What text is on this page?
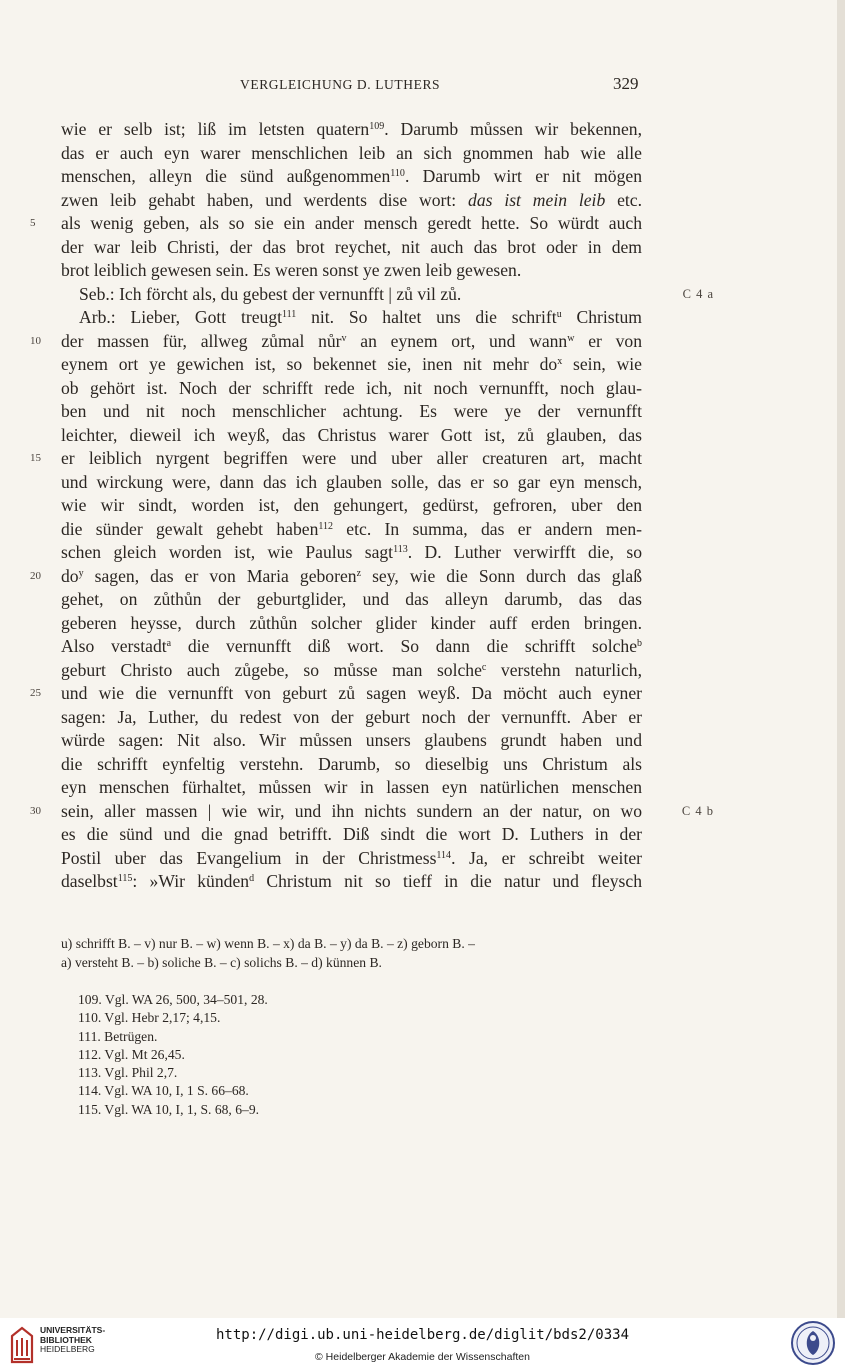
VERGLEICHUNG D. LUTHERS	329
wie er selb ist; liß im letsten quatern$^{109}$. Darumb můssen wir bekennen,
das er auch eyn warer menschlichen leib an sich gnommen hab wie alle
menschen, alleyn die sünd außgenommen$^{110}$. Darumb wirt er nit mögen
zwen leib gehabt haben, und werdents dise wort: das ist mein leib etc.
5 als wenig geben, als so sie ein ander mensch geredt hette. So würdt auch
der war leib Christi, der das brot reychet, nit auch das brot oder in dem
brot leiblich gewesen sein. Es weren sonst ye zwen leib gewesen.
Seb.: Ich förcht als, du gebest der vernunfft | zů vil zů.	C 4 a
Arb.: Lieber, Gott treugt$^{111}$ nit. So haltet uns die schrift$^u$ Christum
10 der massen für, allweg zůmal nůr$^v$ an eynem ort, und wann$^w$ er von
eynem ort ye gewichen ist, so bekennet sie, inen nit mehr $do^x$ sein, wie
ob gehört ist. Noch der schrifft rede ich, nit noch vernunfft, noch glau-
ben und nit noch menschlicher achtung. Es were ye der vernunfft
leichter, dieweil ich weyß, das Christus warer Gott ist, zů glauben, das
15 er leiblich nyrgent begriffen were und uber aller creaturen art, macht
und wirckung were, dann das ich glauben solle, das er so gar eyn mensch,
wie wir sindt, worden ist, den gehungert, gedürst, gefroren, uber den
die sünder gewalt gehebt haben$^{112}$ etc. In summa, das er andern men-
schen gleich worden ist, wie Paulus sagt$^{113}$. D. Luther verwirfft die, so
20 $do^y$ sagen, das er von Maria geboren$^z$ sey, wie die Sonn durch das glaß
gehet, on zůthůn der geburtglider, und das alleyn darumb, das das
geberen heysse, durch zůthůn solcher glider kinder auff erden bringen.
Also verstadt$^a$ die vernunfft diß wort. So dann die schrifft solche$^b$
geburt Christo auch zůgebe, so můsse man solche$^c$ verstehn naturlich,
25 und wie die vernunfft von geburt zů sagen weyß. Da möcht auch eyner
sagen: Ja, Luther, du redest von der geburt noch der vernunfft. Aber er
würde sagen: Nit also. Wir můssen unsers glaubens grundt haben und
die schrifft eynfeltig verstehn. Darumb, so dieselbig uns Christum als
eyn menschen fürhaltet, můssen wir in lassen eyn natürlichen menschen
30 sein, aller massen | wie wir, und ihn nichts sundern an der natur, on wo	C 4 b
es die sünd und die gnad betrifft. Diß sindt die wort D. Luthers in der
Postil uber das Evangelium in der Christmess$^{114}$. Ja, er schreibt weiter
daselbst$^{115}$: »Wir künden$^d$ Christum nit so tieff in die natur und fleysch
u) schrifft B. – v) nur B. – w) wenn B. – x) da B. – y) da B. – z) geborn B. –
a) versteht B. – b) soliche B. – c) solichs B. – d) künnen B.
109. Vgl. WA 26, 500, 34–501, 28.
110. Vgl. Hebr 2,17; 4,15.
111. Betrügen.
112. Vgl. Mt 26,45.
113. Vgl. Phil 2,7.
114. Vgl. WA 10, I, 1 S. 66–68.
115. Vgl. WA 10, I, 1, S. 68, 6–9.
UNIVERSITÄTS-
BIBLIOTHEK
HEIDELBERG
http://digi.ub.uni-heidelberg.de/diglit/bds2/0334
© Heidelberger Akademie der Wissenschaften
